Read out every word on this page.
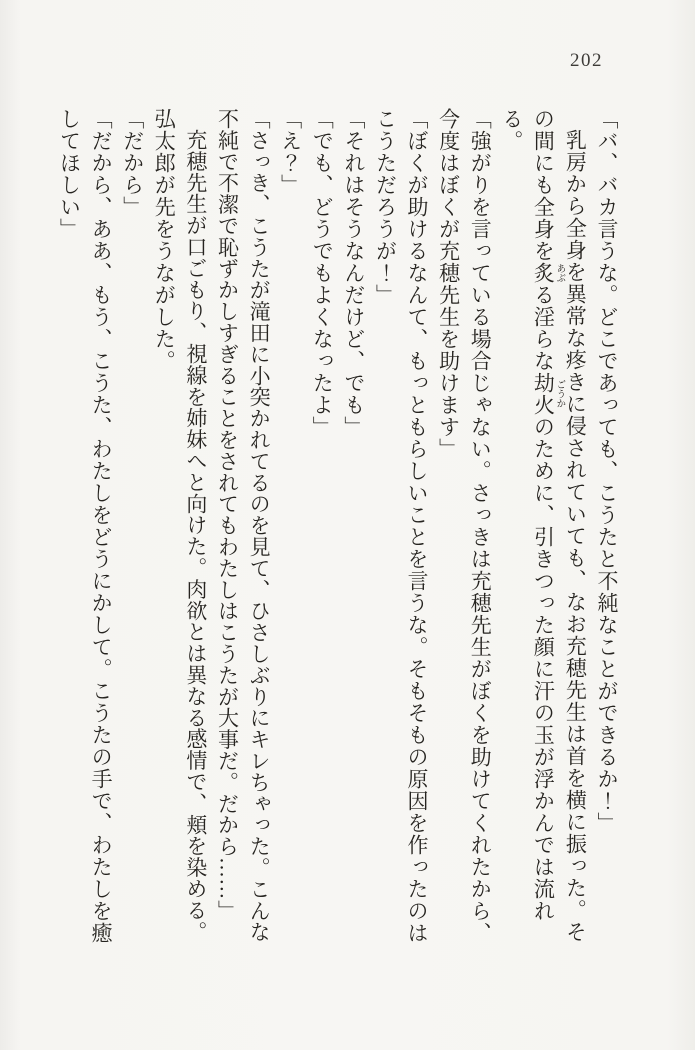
202

「バ、バカ言うな。どこであっても、こうたと不純なことができるか！」

乳房から全身を異常な疼きに侵されていても、なお充穂先生は首を横に振った。その間にも全身を炙 あぶる淫らな劫火 ごうかのために、引きつった顔に汗の玉が浮かんでは流れる。

「強がりを言っている場合じゃない。さっきは充穂先生がぼくを助けてくれたから、今度はぼくが充穂先生を助けます」

「ぼくが助けるなんて、もっともらしいことを言うな。そもそもの原因を作ったのはこうただろうが！」

「それはそうなんだけど、でも」

「でも、どうでもよくなったよ」

「え？」

「さっき、こうたが滝田に小突かれてるのを見て、ひさしぶりにキレちゃった。こんな不純で不潔で恥ずかしすぎることをされてもわたしはこうたが大事だ。だから……」

充穂先生が口ごもり、視線を姉妹へと向けた。肉欲とは異なる感情で、頬を染める。

弘太郎が先をうながした。

「だから」

「だから、ああ、もう、こうた、わたしをどうにかして。こうたの手で、わたしを癒してほしい」
